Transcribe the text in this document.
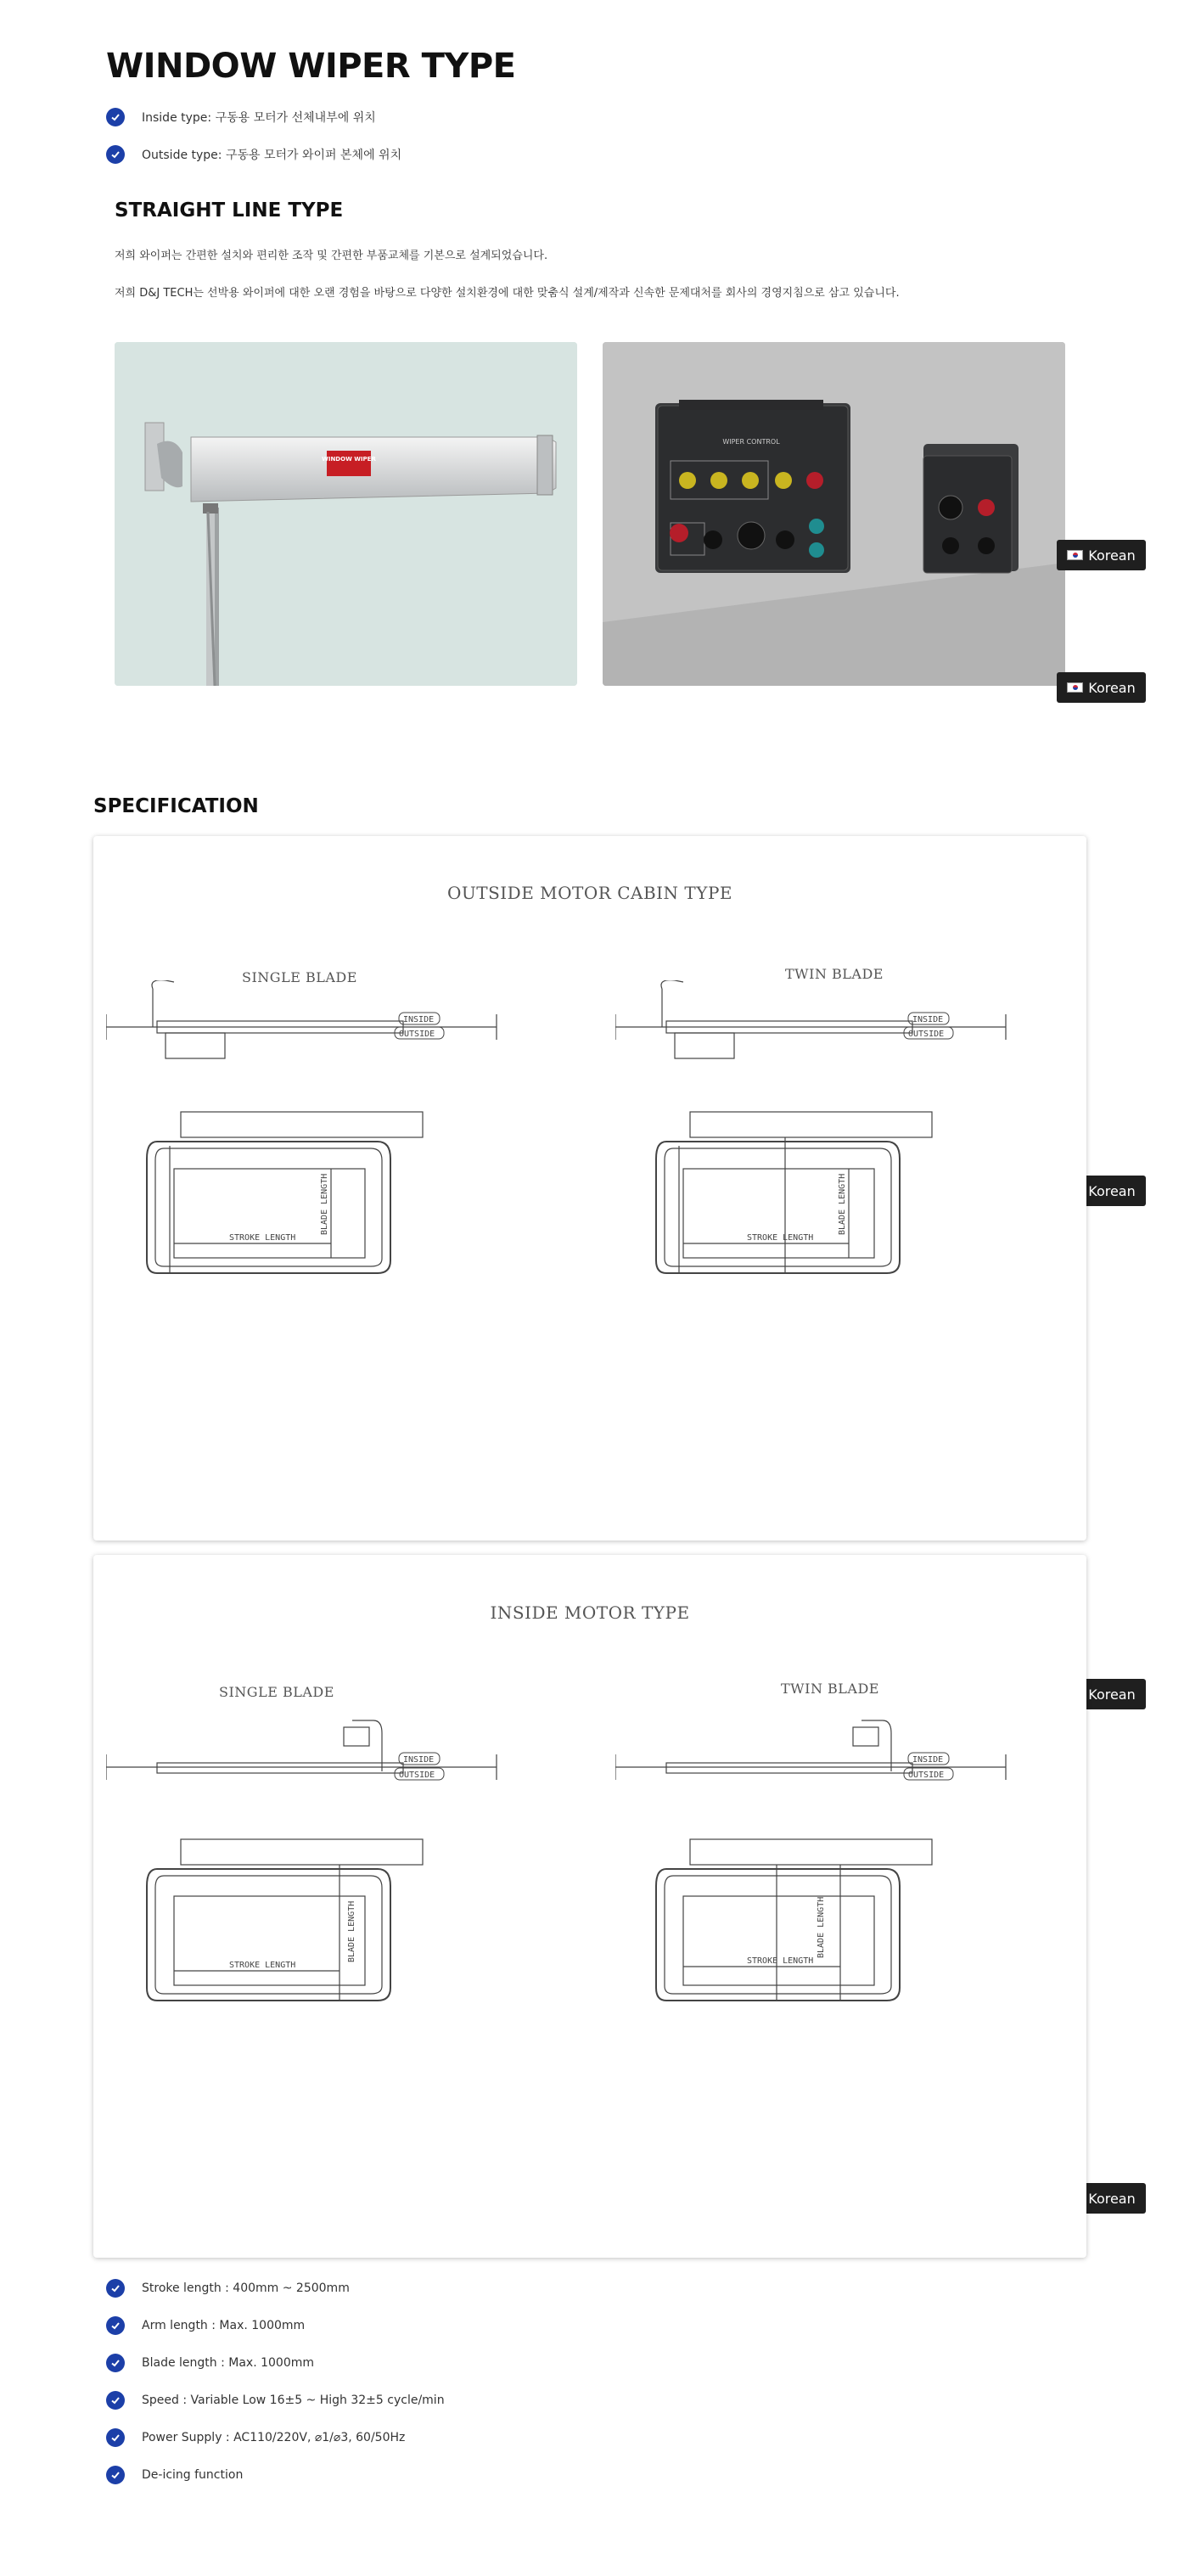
WINDOW WIPER TYPE
Inside type: 구동용 모터가 선체내부에 위치
Outside type: 구동용 모터가 와이퍼 본체에 위치
STRAIGHT LINE TYPE

저희 와이퍼는 간편한 설치와 편리한 조작 및 간편한 부품교체를 기본으로 설계되었습니다.

저희 D&J TECH는 선박용 와이퍼에 대한 오랜 경험을 바탕으로 다양한 설치환경에 대한 맞춤식 설계/제작과 신속한 문제대처를 회사의 경영지침으로 삼고 있습니다.

WINDOW WIPER
WIPER CONTROL
Korean
Korean
Korean
Korean
Korean
SPECIFICATION
OUTSIDE MOTOR CABIN TYPE
SINGLE BLADE	TWIN BLADE
INSIDE
OUTSIDE
STROKE LENGTH
BLADE LENGTH
INSIDE
OUTSIDE
STROKE LENGTH
BLADE LENGTH
INSIDE MOTOR TYPE
SINGLE BLADE	TWIN BLADE
INSIDE
OUTSIDE
STROKE LENGTH
BLADE LENGTH
INSIDE
OUTSIDE
STROKE LENGTH
BLADE LENGTH
Stroke length : 400mm ~ 2500mm
Arm length : Max. 1000mm
Blade length : Max. 1000mm
Speed : Variable Low 16±5 ~ High 32±5 cycle/min
Power Supply : AC110/220V, ⌀1/⌀3, 60/50Hz
De-icing function
